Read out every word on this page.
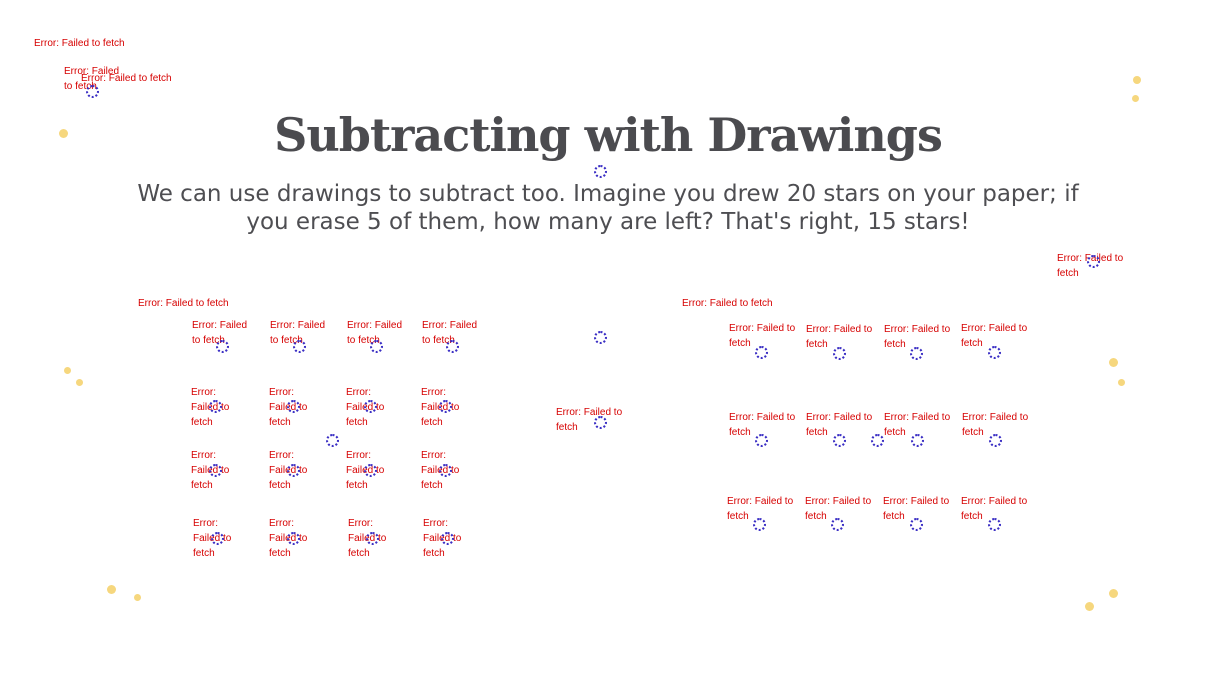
Subtracting with Drawings

We can use drawings to subtract too. Imagine you drew 20 stars on your paper; if you erase 5 of them, how many are left? That's right, 15 stars!

Error: Failed to fetch
Error: Failed to fetch
Error: Failed to fetch
Error: Failed to fetch
Error: Failed to fetch
Error: Failed to fetch
Error: Failed to fetch
Error: Failed to fetch
Error: Failed to fetch
Error: Failed to fetch
Error: Failed to fetch
Error: Failed to fetch
Error: Failed to fetch
Error: Failed to fetch
Error: Failed to fetch
Error: Failed to fetch
Error: Failed to fetch
Error: Failed to fetch
Error: Failed to fetch
Error: Failed to fetch
Error: Failed to fetch
Error: Failed to fetch
Error: Failed to fetch
Error: Failed to fetch
Error: Failed to fetch
Error: Failed to fetch
Error: Failed to fetch
Error: Failed to fetch
Error: Failed to fetch
Error: Failed to fetch
Error: Failed to fetch
Error: Failed to fetch
Error: Failed to fetch
Error: Failed to fetch
Error: Failed to fetch
